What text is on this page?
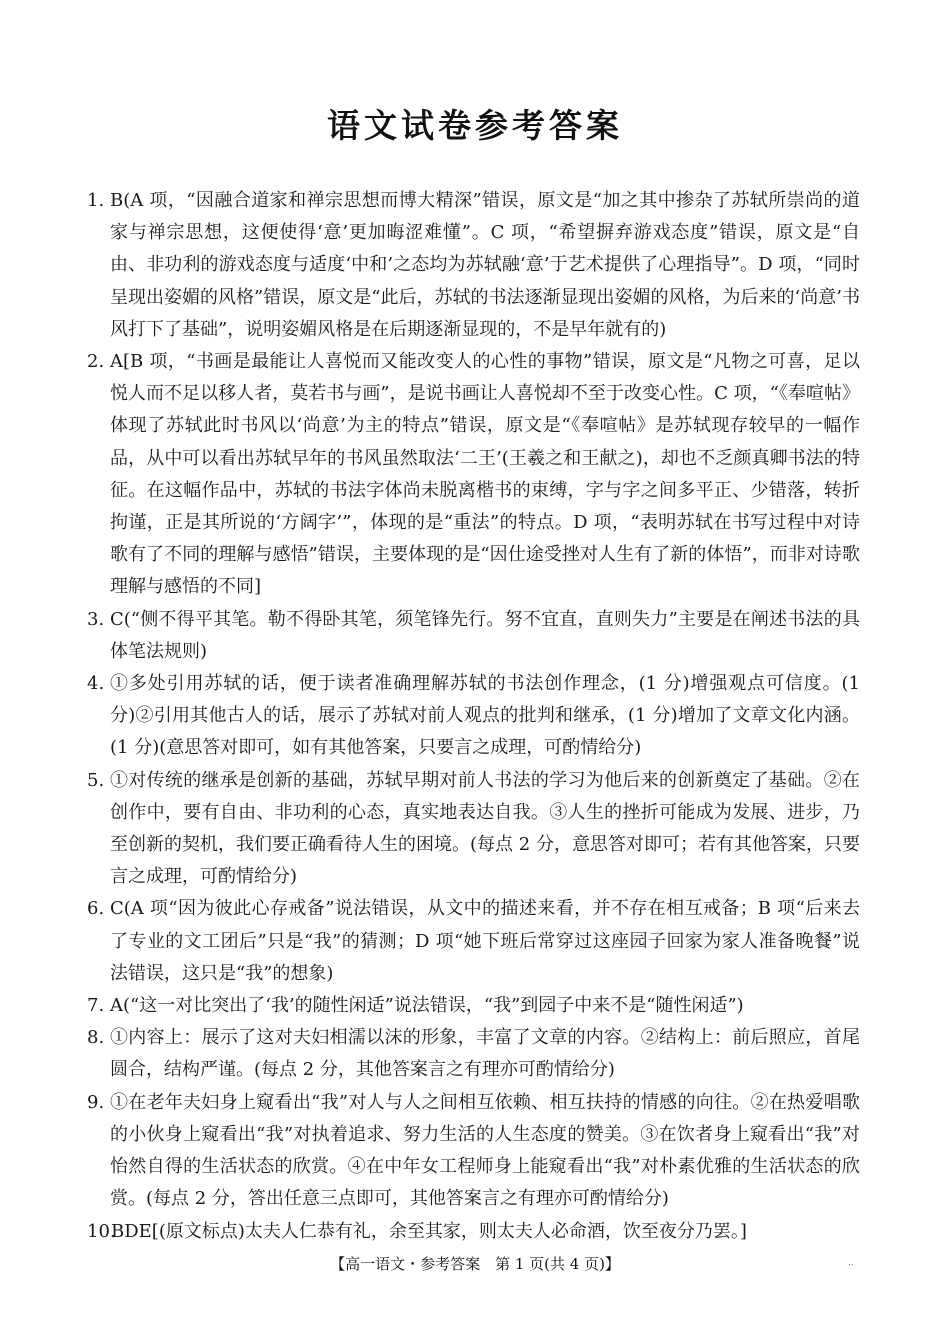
语文试卷参考答案
1. B(A 项，“因融合道家和禅宗思想而博大精深”错误，原文是“加之其中掺杂了苏轼所崇尚的道家与禅宗思想，这便使得‘意’更加晦涩难懂”。C 项，“希望摒弃游戏态度”错误，原文是“自由、非功利的游戏态度与适度‘中和’之态均为苏轼融‘意’于艺术提供了心理指导”。D 项，“同时呈现出姿媚的风格”错误，原文是“此后，苏轼的书法逐渐显现出姿媚的风格，为后来的‘尚意’书风打下了基础”，说明姿媚风格是在后期逐渐显现的，不是早年就有的)
2. A[B 项，“书画是最能让人喜悦而又能改变人的心性的事物”错误，原文是“凡物之可喜，足以悦人而不足以移人者，莫若书与画”，是说书画让人喜悦却不至于改变心性。C 项，“《奉喧帖》体现了苏轼此时书风以‘尚意’为主的特点”错误，原文是“《奉喧帖》是苏轼现存较早的一幅作品，从中可以看出苏轼早年的书风虽然取法‘二王’(王羲之和王献之)，却也不乏颜真卿书法的特征。在这幅作品中，苏轼的书法字体尚未脱离楷书的束缚，字与字之间多平正、少错落，转折拘谨，正是其所说的‘方阔字’”，体现的是“重法”的特点。D 项，“表明苏轼在书写过程中对诗歌有了不同的理解与感悟”错误，主要体现的是“因仕途受挫对人生有了新的体悟”，而非对诗歌理解与感悟的不同]
3. C(“侧不得平其笔。勒不得卧其笔，须笔锋先行。努不宜直，直则失力”主要是在阐述书法的具体笔法规则)
4. ①多处引用苏轼的话，便于读者准确理解苏轼的书法创作理念，(1 分)增强观点可信度。(1 分)②引用其他古人的话，展示了苏轼对前人观点的批判和继承，(1 分)增加了文章文化内涵。(1 分)(意思答对即可，如有其他答案，只要言之成理，可酌情给分)
5. ①对传统的继承是创新的基础，苏轼早期对前人书法的学习为他后来的创新奠定了基础。②在创作中，要有自由、非功利的心态，真实地表达自我。③人生的挫折可能成为发展、进步，乃至创新的契机，我们要正确看待人生的困境。(每点 2 分，意思答对即可；若有其他答案，只要言之成理，可酌情给分)
6. C(A 项“因为彼此心存戒备”说法错误，从文中的描述来看，并不存在相互戒备；B 项“后来去了专业的文工团后”只是“我”的猜测；D 项“她下班后常穿过这座园子回家为家人准备晚餐”说法错误，这只是“我”的想象)
7. A(“这一对比突出了‘我’的随性闲适”说法错误，“我”到园子中来不是“随性闲适”)
8. ①内容上：展示了这对夫妇相濡以沫的形象，丰富了文章的内容。②结构上：前后照应，首尾圆合，结构严谨。(每点 2 分，其他答案言之有理亦可酌情给分)
9. ①在老年夫妇身上窥看出“我”对人与人之间相互依赖、相互扶持的情感的向往。②在热爱唱歌的小伙身上窥看出“我”对执着追求、努力生活的人生态度的赞美。③在饮者身上窥看出“我”对怡然自得的生活状态的欣赏。④在中年女工程师身上能窥看出“我”对朴素优雅的生活状态的欣赏。(每点 2 分，答出任意三点即可，其他答案言之有理亦可酌情给分)
10.
BDE[(原文标点)太夫人仁恭有礼，余至其家，则太夫人必命酒，饮至夜分乃罢。]
【高一语文・参考答案　第 1 页(共 4 页)】	..
